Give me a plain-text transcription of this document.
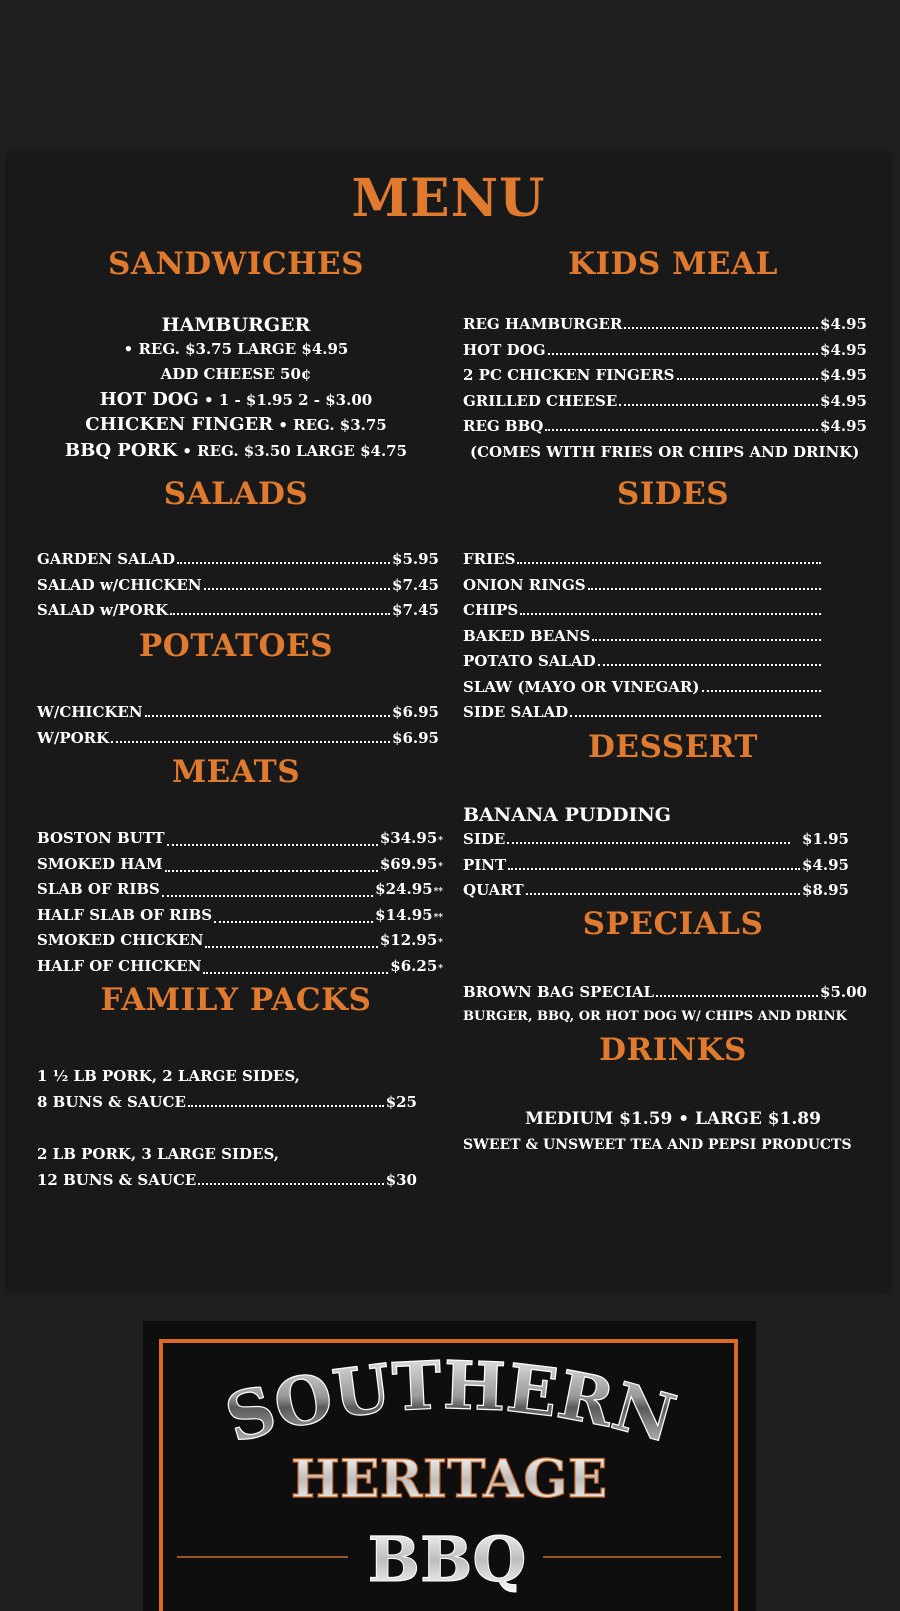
MENU
SANDWICHES
HAMBURGER
• REG. $3.75 LARGE $4.95
ADD CHEESE 50¢
HOT DOG • 1 - $1.95 2 - $3.00
CHICKEN FINGER • REG. $3.75
BBQ PORK • REG. $3.50 LARGE $4.75
SALADS
GARDEN SALAD	$5.95
SALAD w/CHICKEN	$7.45
SALAD w/PORK	$7.45
POTATOES
W/CHICKEN	$6.95
W/PORK	$6.95
MEATS
BOSTON BUTT	$34.95 *
SMOKED HAM	$69.95 *
SLAB OF RIBS	$24.95 **
HALF SLAB OF RIBS	$14.95 **
SMOKED CHICKEN	$12.95 *
HALF OF CHICKEN	$6.25 *
FAMILY PACKS
1 ½ LB PORK, 2 LARGE SIDES,
8 BUNS & SAUCE	$25
2 LB PORK, 3 LARGE SIDES,
12 BUNS & SAUCE	$30
KIDS MEAL
REG HAMBURGER	$4.95
HOT DOG	$4.95
2 PC CHICKEN FINGERS	$4.95
GRILLED CHEESE	$4.95
REG BBQ	$4.95
(COMES WITH FRIES OR CHIPS AND DRINK)
SIDES
FRIES
ONION RINGS
CHIPS
BAKED BEANS
POTATO SALAD
SLAW (MAYO OR VINEGAR)
SIDE SALAD
DESSERT
BANANA PUDDING
SIDE	$1.95
PINT	$4.95
QUART	$8.95
SPECIALS
BROWN BAG SPECIAL	$5.00
BURGER, BBQ, OR HOT DOG W/ CHIPS AND DRINK
DRINKS
MEDIUM $1.59 • LARGE $1.89
SWEET & UNSWEET TEA AND PEPSI PRODUCTS
SOUTHERN
HERITAGE
BBQ
